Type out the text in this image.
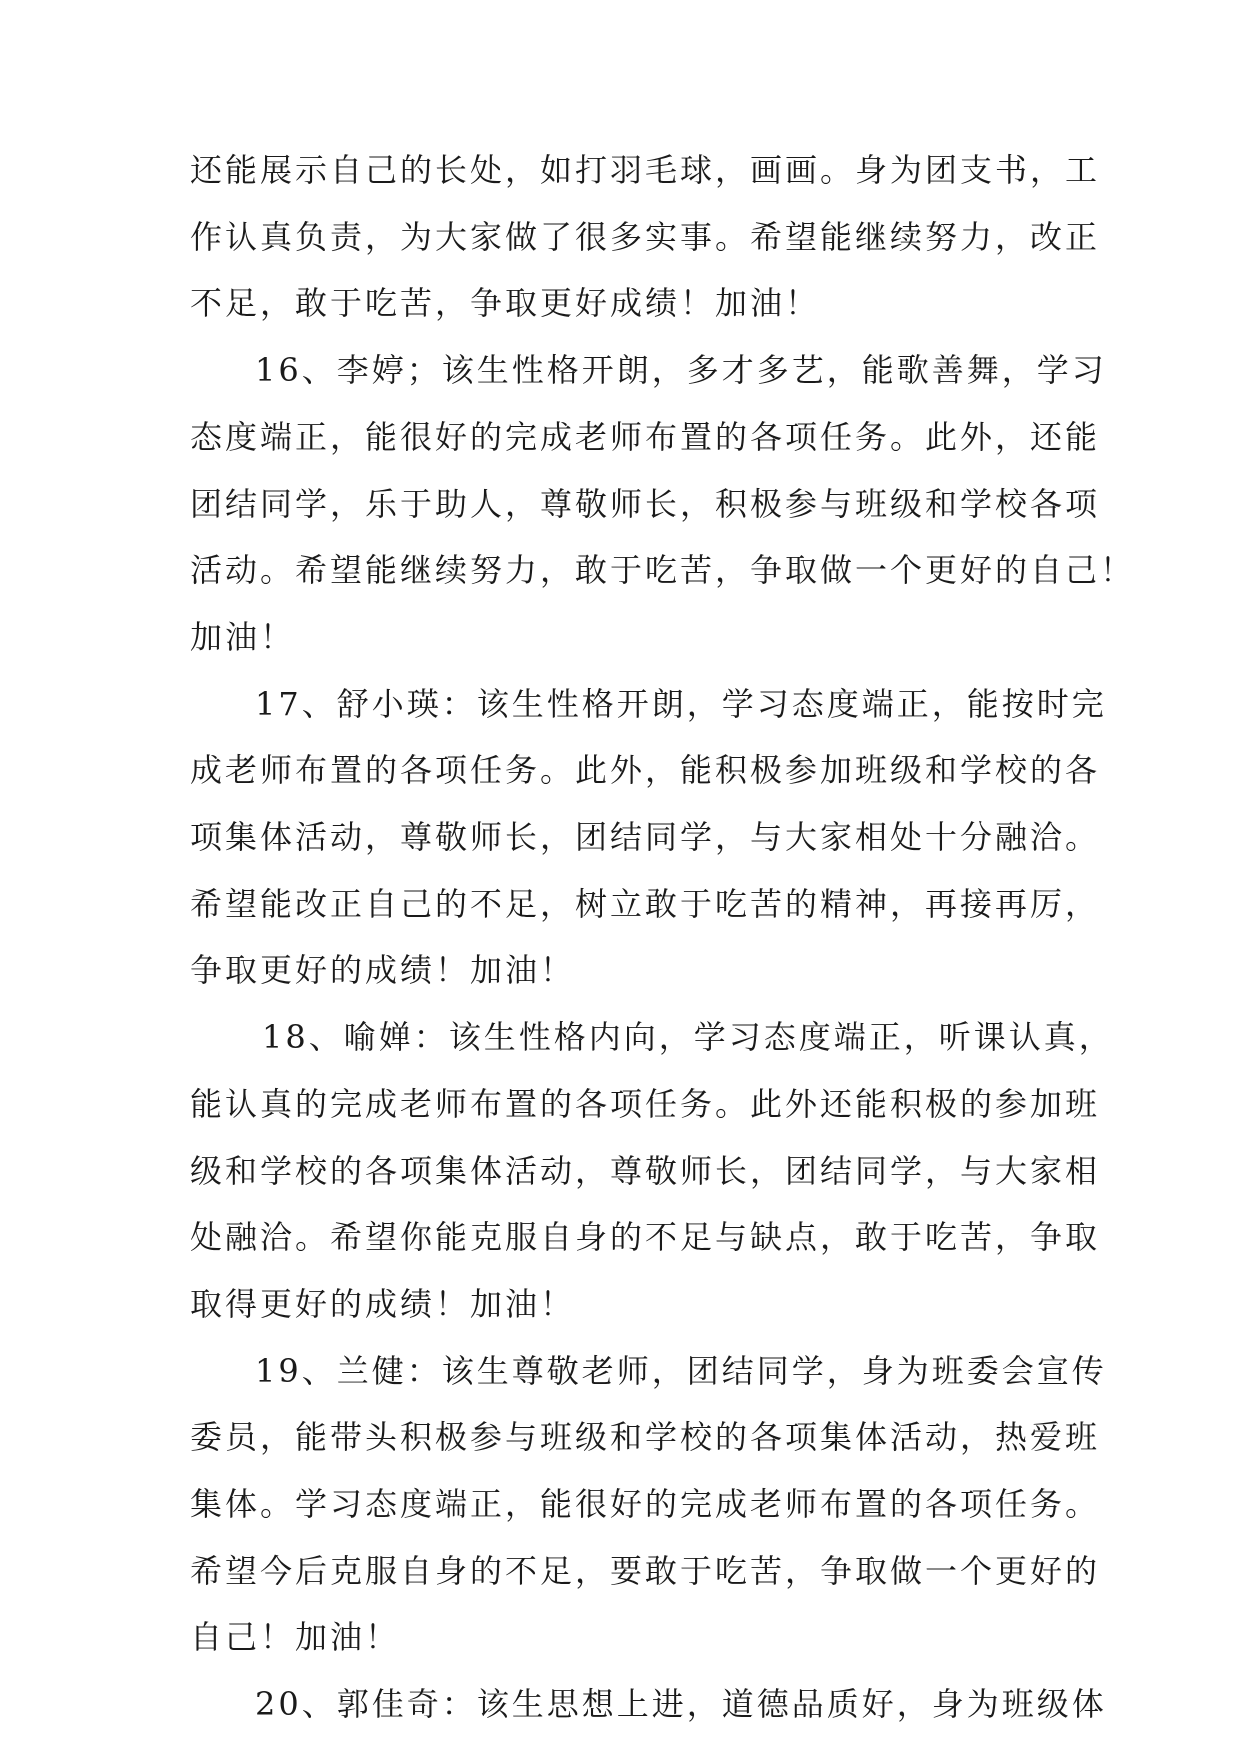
还能展示自己的长处，如打羽毛球，画画。身为团支书，工

作认真负责，为大家做了很多实事。希望能继续努力，改正

不足，敢于吃苦，争取更好成绩！加油！

16、李婷；该生性格开朗，多才多艺，能歌善舞，学习

态度端正，能很好的完成老师布置的各项任务。此外，还能

团结同学，乐于助人，尊敬师长，积极参与班级和学校各项

活动。希望能继续努力，敢于吃苦，争取做一个更好的自己！

加油！

17、舒小瑛：该生性格开朗，学习态度端正，能按时完

成老师布置的各项任务。此外，能积极参加班级和学校的各

项集体活动，尊敬师长，团结同学，与大家相处十分融洽。

希望能改正自己的不足，树立敢于吃苦的精神，再接再厉，

争取更好的成绩！加油！

18、喻婵：该生性格内向，学习态度端正，听课认真，

能认真的完成老师布置的各项任务。此外还能积极的参加班

级和学校的各项集体活动，尊敬师长，团结同学，与大家相

处融洽。希望你能克服自身的不足与缺点，敢于吃苦，争取

取得更好的成绩！加油！

19、兰健：该生尊敬老师，团结同学，身为班委会宣传

委员，能带头积极参与班级和学校的各项集体活动，热爱班

集体。学习态度端正，能很好的完成老师布置的各项任务。

希望今后克服自身的不足，要敢于吃苦，争取做一个更好的

自己！加油！

20、郭佳奇：该生思想上进，道德品质好，身为班级体
